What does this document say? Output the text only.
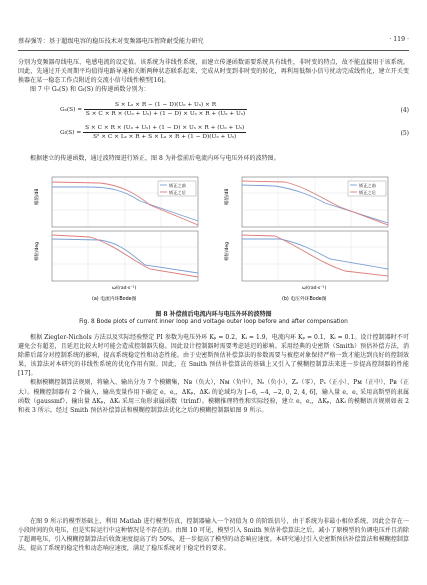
蔡春强等：基于超级电容的稳压技术对变频器电压暂降耐受能力研究	· 119 ·
分别为变频器母线电压、电感电流的设定值。该系统为非线性系统，而建立传递函数需要系统具有线性，非时变的特点，故不能直接用于该系统。因此，先通过开关周期平均值得电路导通和关断两种状态联系起来，完成从时变到非时变的转化，再利用低频小信号扰动完成线性化，建立开关变换器在某一稳态工作点附近的交流小信号线性模型[16]。
图 7 中 Gₒ(S) 和 Gₗ(S) 的传递函数分别为：
$G_o(S) = \frac{\text{S × Lₛ × R − (1 − D)(Uₒ + Uₛ) × R}}{\text{S × C × R × (Uₒ + Uₛ) + (1 − D) × Uₛ × R + (Uₒ + Uₛ)}}$	(4)
$G_l(S) = \frac{\text{S × C × R × (Uₒ + Uₛ) + (1 − D) × Uₛ × R + (Uₒ + Uₛ)}}{\text{S² × C × Lₛ × R + S × Lₛ × R + (1 − D)(Uₒ + Uₛ)}}$	(5)
根据建立的传递函数，通过波特图进行矫正，图 8 为补偿前后电流内环与电压外环的波特图。
矫正之前
矫正之后
幅值/dB
相位/deg
ω/(rad·s⁻¹)
(a) 电流内环Bode图
矫正之前
矫正之后
幅值/dB
相位/deg
ω/(rad·s⁻¹)
(b) 电压外环Bode图
图 8 补偿前后电流内环与电压外环的波特图
Fig. 8 Bode plots of current inner loop and voltage outer loop before and after compensation
根据 Ziegler-Nichols 方法以及实际经验整定 PI 参数为电压外环 Kₚ = 0.2，Kᵢ = 1.9，电流内环 Kₚ = 0.1，Kᵢ = 0.1。设计控制器时不可避免会有超差，且延迟比较大时可能会造成控制器失稳。因此设计控制器时需要考虑延迟的影响。采用经典的史密斯（Smith）预估补偿方法，消除滞后部分对控制系统的影响，提高系统稳定性和动态性能。由于史密斯预估补偿算法的参数需要与被控对象保持严格一致才能达到良好的控制效果，该算法对本研究的非线性系统的优化作用有限。因此，在 Smith 预估补偿算法的基础上又引入了模糊控制算法来进一步提高控制器的性能[17]。
根据模糊控制算法规则，将输入、输出分为 7 个模糊集，Nʙ（负大），Nᴍ（负中），Nₛ（负小），Zₒ（零），Pₛ（正小），Pᴍ（正中），Pʙ（正大）。模糊控制器有 2 个输入，输出变量作用下确定 e，e꜀，ΔKₚ，ΔKᵢ 的论域均为 [−6, −4, −2, 0, 2, 4, 6]，输入量 e，e꜀ 采用高斯型的隶属函数（gaussmf），输出量 ΔKₚ，ΔKᵢ 采用三角形隶属函数（trimf）。模糊推理特性和实际经验，建立 e，e꜀，ΔKₚ，ΔKᵢ 的模糊语言规则如表 2 和表 3 所示。经过 Smith 预估补偿算法和模糊控制算法优化之后的模糊控制器如图 9 所示。
在图 9 所示的模型基础上，利用 Matlab 进行模型仿真，控制器输入一个初值为 0 的阶跃信号，由于系统为非最小相位系统，因此会存在一小段时间的负电压，但是实际运行中这种情况是不存在的。由图 10 可见，模型引入 Smith 预估补偿算法之后，减小了原模型的负调电压并且消除了超调电压，引入模糊控制算法后收敛速度提高了约 50%，进一步提高了模型的动态响应速度。本研究通过引入史密斯预估补偿算法和模糊控制算法，提高了系统的稳定性和动态响应速度，满足了稳压系统对于稳定性的要求。
